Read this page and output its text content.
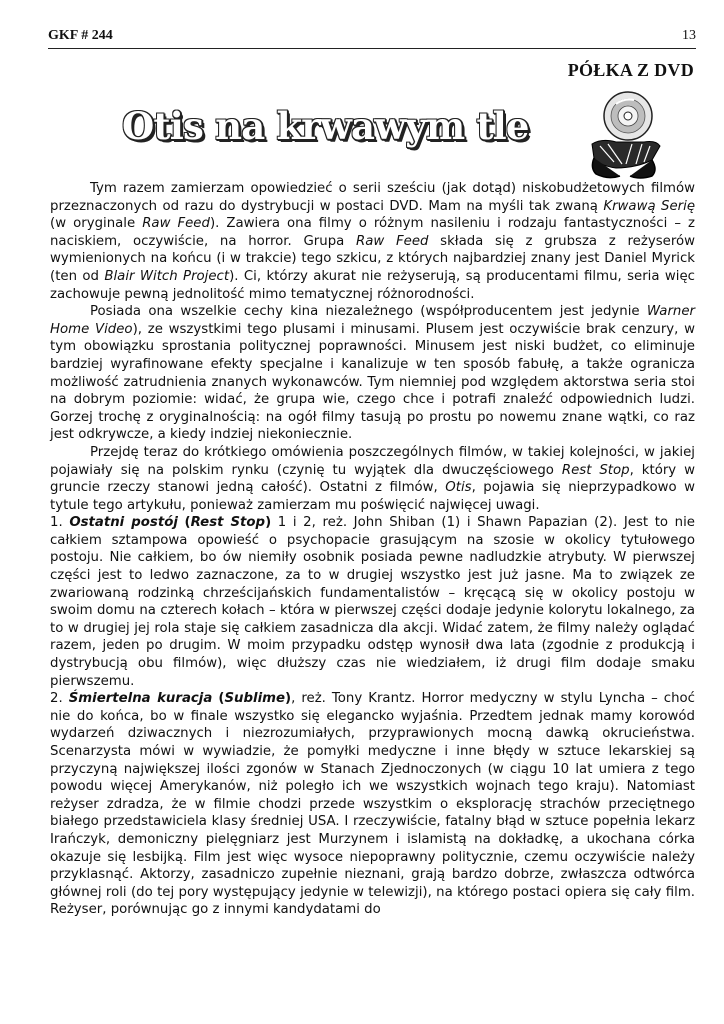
GKF # 244	13
PÓŁKA Z DVD
Otis na krwawym tle

Tym razem zamierzam opowiedzieć o serii sześciu (jak dotąd) niskobudżetowych filmów przeznaczonych od razu do dystrybucji w postaci DVD. Mam na myśli tak zwaną Krwawą Serię (w oryginale Raw Feed). Zawiera ona filmy o różnym nasileniu i rodzaju fantastyczności – z naciskiem, oczywiście, na horror. Grupa Raw Feed składa się z grubsza z reżyserów wymienionych na końcu (i w trakcie) tego szkicu, z których najbardziej znany jest Daniel Myrick (ten od Blair Witch Project). Ci, którzy akurat nie reżyserują, są producentami filmu, seria więc zachowuje pewną jednolitość mimo tematycznej różnorodności.

Posiada ona wszelkie cechy kina niezależnego (współproducentem jest jedynie Warner Home Video), ze wszystkimi tego plusami i minusami. Plusem jest oczywiście brak cenzury, w tym obowiązku sprostania politycznej poprawności. Minusem jest niski budżet, co eliminuje bardziej wyrafinowane efekty specjalne i kanalizuje w ten sposób fabułę, a także ogranicza możliwość zatrudnienia znanych wykonawców. Tym niemniej pod względem aktorstwa seria stoi na dobrym poziomie: widać, że grupa wie, czego chce i potrafi znaleźć odpowiednich ludzi. Gorzej trochę z oryginalnością: na ogół filmy tasują po prostu po nowemu znane wątki, co raz jest odkrywcze, a kiedy indziej niekoniecznie.

Przejdę teraz do krótkiego omówienia poszczególnych filmów, w takiej kolejności, w jakiej pojawiały się na polskim rynku (czynię tu wyjątek dla dwuczęściowego Rest Stop, który w gruncie rzeczy stanowi jedną całość). Ostatni z filmów, Otis, pojawia się nieprzypadkowo w tytule tego artykułu, ponieważ zamierzam mu poświęcić najwięcej uwagi.

1. Ostatni postój (Rest Stop) 1 i 2, reż. John Shiban (1) i Shawn Papazian (2). Jest to nie całkiem sztampowa opowieść o psychopacie grasującym na szosie w okolicy tytułowego postoju. Nie całkiem, bo ów niemiły osobnik posiada pewne nadludzkie atrybuty. W pierwszej części jest to ledwo zaznaczone, za to w drugiej wszystko jest już jasne. Ma to związek ze zwariowaną rodzinką chrześcijańskich fundamentalistów – kręcącą się w okolicy postoju w swoim domu na czterech kołach – która w pierwszej części dodaje jedynie kolorytu lokalnego, za to w drugiej jej rola staje się całkiem zasadnicza dla akcji. Widać zatem, że filmy należy oglądać razem, jeden po drugim. W moim przypadku odstęp wynosił dwa lata (zgodnie z produkcją i dystrybucją obu filmów), więc dłuższy czas nie wiedziałem, iż drugi film dodaje smaku pierwszemu.

2. Śmiertelna kuracja (Sublime), reż. Tony Krantz. Horror medyczny w stylu Lyncha – choć nie do końca, bo w finale wszystko się elegancko wyjaśnia. Przedtem jednak mamy korowód wydarzeń dziwacznych i niezrozumiałych, przyprawionych mocną dawką okrucieństwa. Scenarzysta mówi w wywiadzie, że pomyłki medyczne i inne błędy w sztuce lekarskiej są przyczyną największej ilości zgonów w Stanach Zjednoczonych (w ciągu 10 lat umiera z tego powodu więcej Amerykanów, niż poległo ich we wszystkich wojnach tego kraju). Natomiast reżyser zdradza, że w filmie chodzi przede wszystkim o eksplorację strachów przeciętnego białego przedstawiciela klasy średniej USA. I rzeczywiście, fatalny błąd w sztuce popełnia lekarz Irańczyk, demoniczny pielęgniarz jest Murzynem i islamistą na dokładkę, a ukochana córka okazuje się lesbijką. Film jest więc wysoce niepoprawny politycznie, czemu oczywiście należy przyklasnąć. Aktorzy, zasadniczo zupełnie nieznani, grają bardzo dobrze, zwłaszcza odtwórca głównej roli (do tej pory występujący jedynie w telewizji), na którego postaci opiera się cały film. Reżyser, porównując go z innymi kandydatami do
